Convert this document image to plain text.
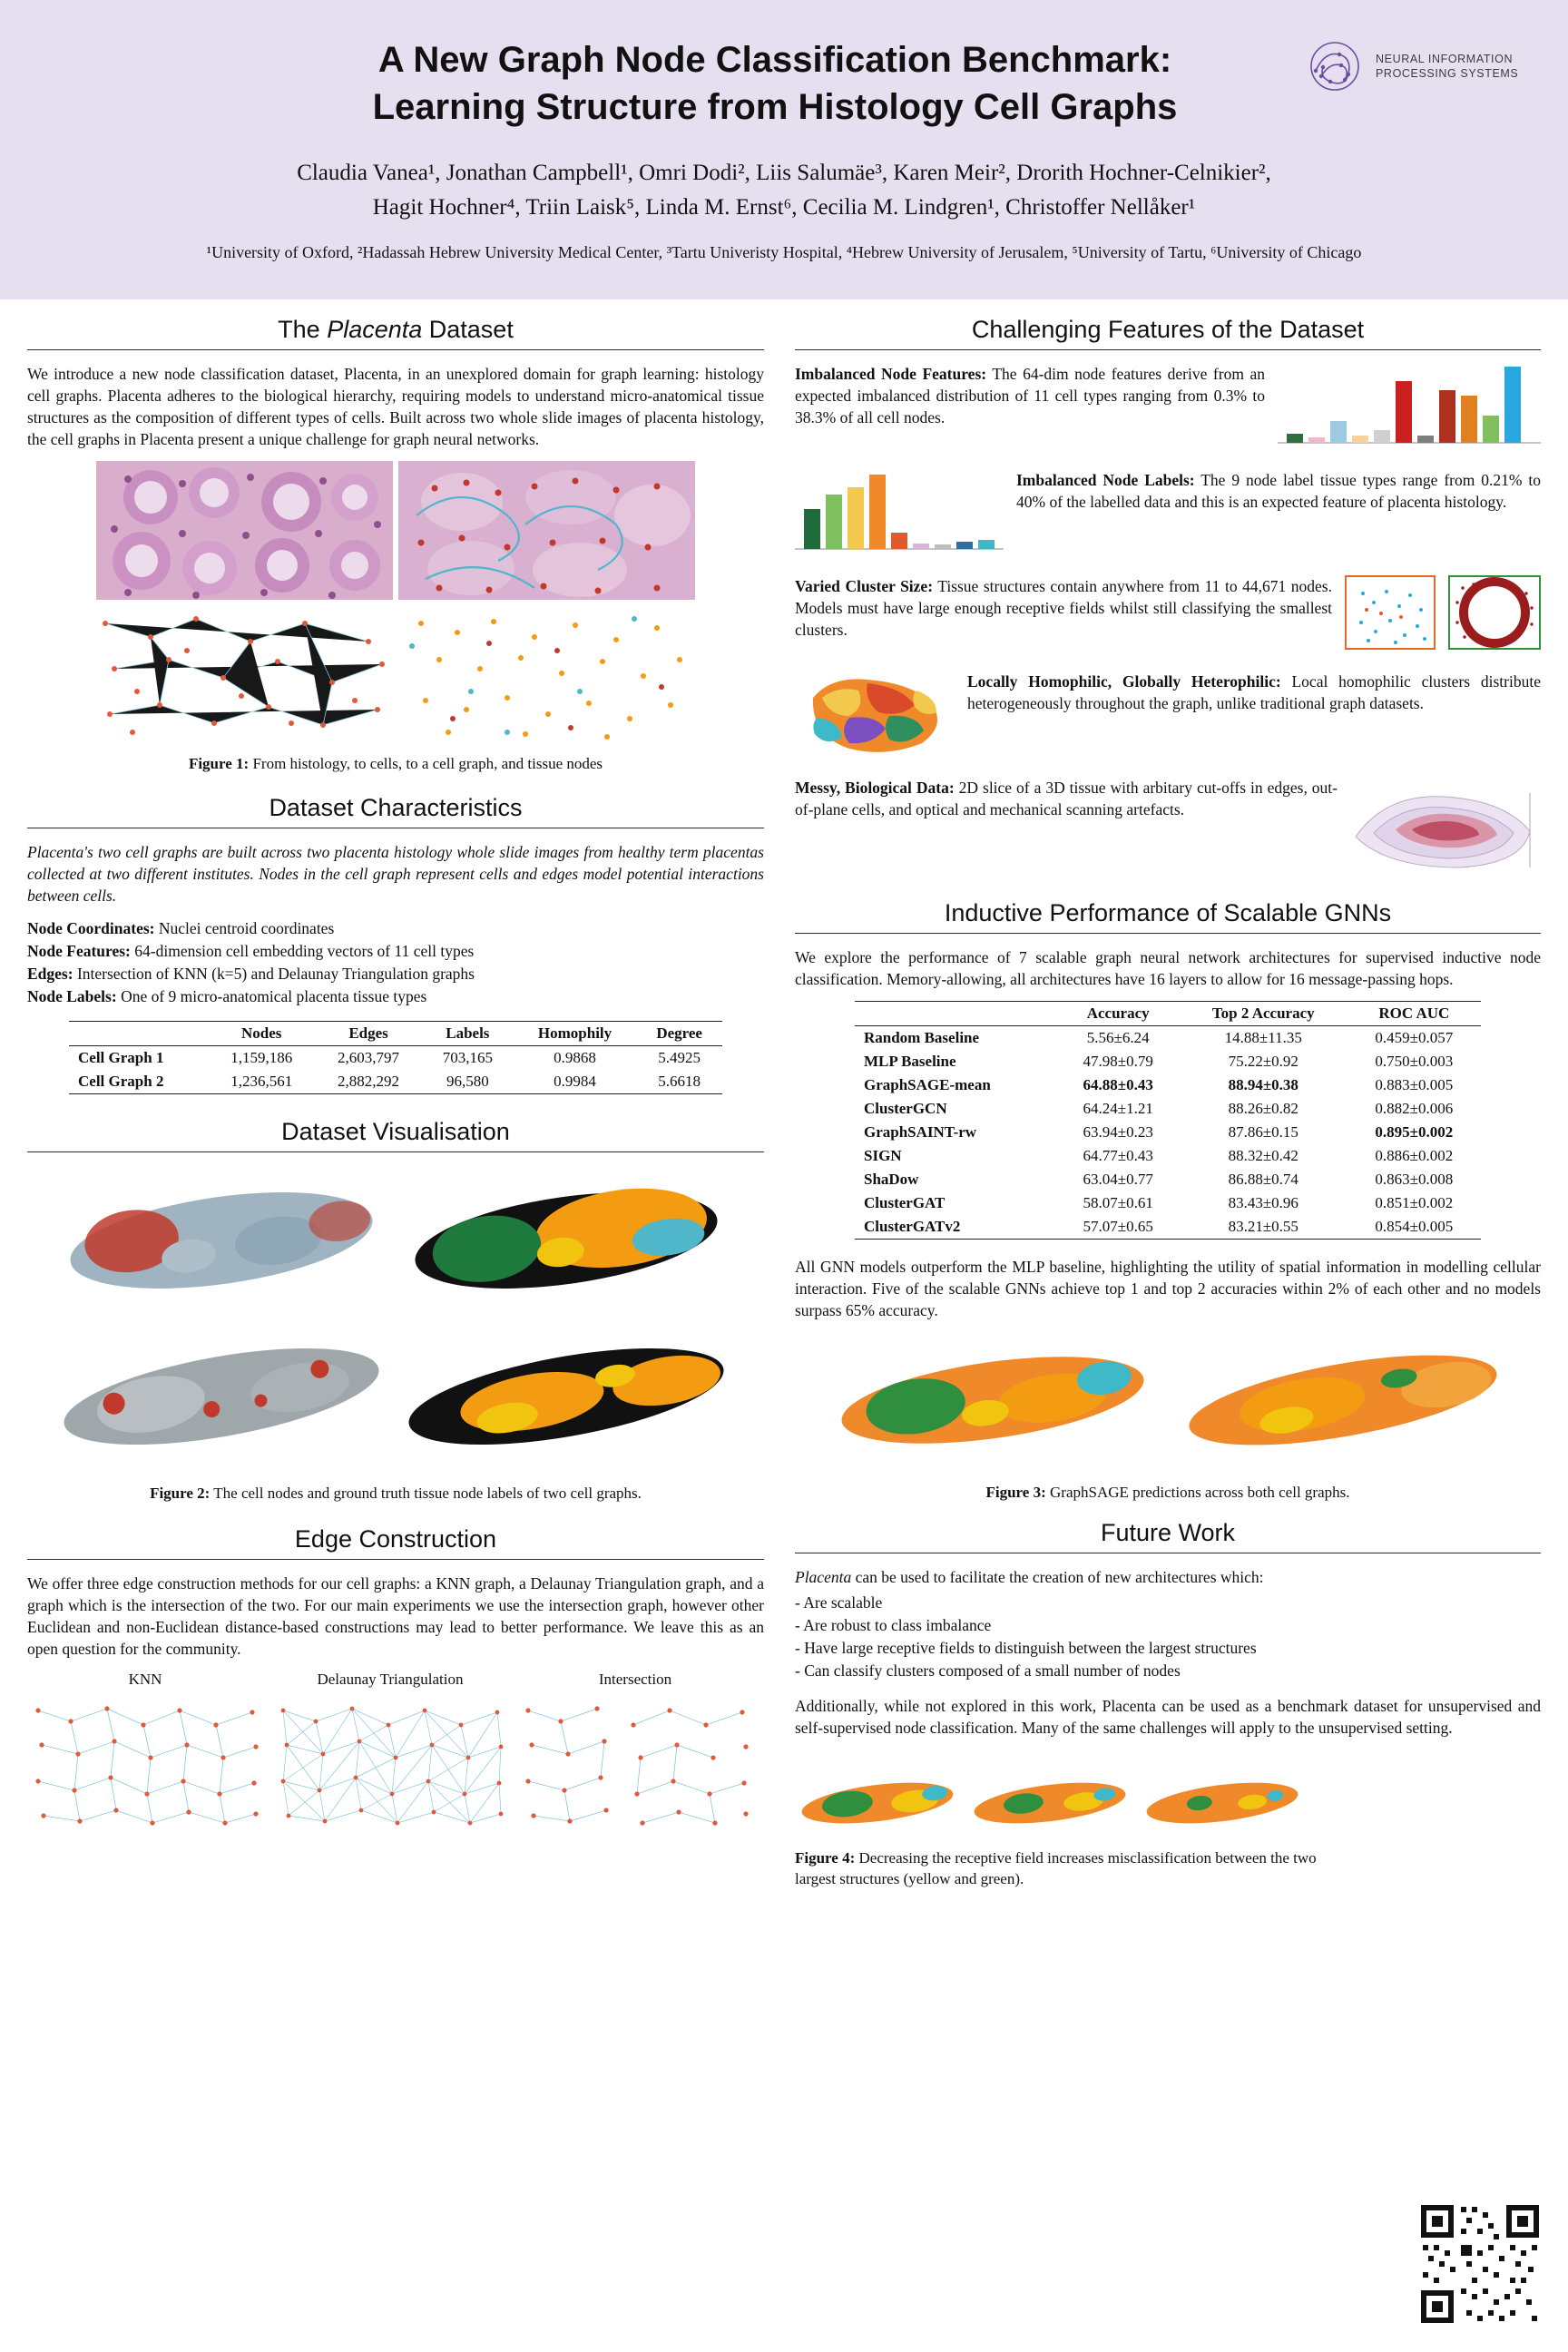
A New Graph Node Classification Benchmark:
Learning Structure from Histology Cell Graphs
Claudia Vanea¹, Jonathan Campbell¹, Omri Dodi², Liis Salumäe³, Karen Meir², Drorith Hochner-Celnikier²,
Hagit Hochner⁴, Triin Laisk⁵, Linda M. Ernst⁶, Cecilia M. Lindgren¹, Christoffer Nellåker¹
¹University of Oxford, ²Hadassah Hebrew University Medical Center, ³Tartu Univeristy Hospital, ⁴Hebrew University of Jerusalem, ⁵University of Tartu, ⁶University of Chicago
NEURAL INFORMATION
PROCESSING SYSTEMS
The Placenta Dataset

We introduce a new node classification dataset, Placenta, in an unexplored domain for graph learning: histology cell graphs. Placenta adheres to the biological hierarchy, requiring models to understand micro-anatomical tissue structures as the composition of different types of cells. Built across two whole slide images of placenta histology, the cell graphs in Placenta present a unique challenge for graph neural networks.

Figure 1: From histology, to cells, to a cell graph, and tissue nodes
Dataset Characteristics

Placenta's two cell graphs are built across two placenta histology whole slide images from healthy term placentas collected at two different institutes. Nodes in the cell graph represent cells and edges model potential interactions between cells.

Node Coordinates: Nuclei centroid coordinates
Node Features: 64-dimension cell embedding vectors of 11 cell types
Edges: Intersection of KNN (k=5) and Delaunay Triangulation graphs
Node Labels: One of 9 micro-anatomical placenta tissue types
	Nodes	Edges	Labels	Homophily	Degree
Cell Graph 1	1,159,186	2,603,797	703,165	0.9868	5.4925
Cell Graph 2	1,236,561	2,882,292	96,580	0.9984	5.6618
Dataset Visualisation
Figure 2: The cell nodes and ground truth tissue node labels of two cell graphs.
Edge Construction

We offer three edge construction methods for our cell graphs: a KNN graph, a Delaunay Triangulation graph, and a graph which is the intersection of the two. For our main experiments we use the intersection graph, however other Euclidean and non-Euclidean distance-based constructions may lead to better performance. We leave this as an open question for the community.

KNN	Delaunay Triangulation	Intersection
Challenging Features of the Dataset

Imbalanced Node Features: The 64-dim node features derive from an expected imbalanced distribution of 11 cell types ranging from 0.3% to 38.3% of all cell nodes.

Imbalanced Node Labels: The 9 node label tissue types range from 0.21% to 40% of the labelled data and this is an expected feature of placenta histology.

Varied Cluster Size: Tissue structures contain anywhere from 11 to 44,671 nodes. Models must have large enough receptive fields whilst still classifying the smallest clusters.

Locally Homophilic, Globally Heterophilic: Local homophilic clusters distribute heterogeneously throughout the graph, unlike traditional graph datasets.

Messy, Biological Data: 2D slice of a 3D tissue with arbitary cut-offs in edges, out-of-plane cells, and optical and mechanical scanning artefacts.

Inductive Performance of Scalable GNNs

We explore the performance of 7 scalable graph neural network architectures for supervised inductive node classification. Memory-allowing, all architectures have 16 layers to allow for 16 message-passing hops.

	Accuracy	Top 2 Accuracy	ROC AUC
Random Baseline	5.56±6.24	14.88±11.35	0.459±0.057
MLP Baseline	47.98±0.79	75.22±0.92	0.750±0.003
GraphSAGE-mean	64.88±0.43	88.94±0.38	0.883±0.005
ClusterGCN	64.24±1.21	88.26±0.82	0.882±0.006
GraphSAINT-rw	63.94±0.23	87.86±0.15	0.895±0.002
SIGN	64.77±0.43	88.32±0.42	0.886±0.002
ShaDow	63.04±0.77	86.88±0.74	0.863±0.008
ClusterGAT	58.07±0.61	83.43±0.96	0.851±0.002
ClusterGATv2	57.07±0.65	83.21±0.55	0.854±0.005

All GNN models outperform the MLP baseline, highlighting the utility of spatial information in modelling cellular interaction. Five of the scalable GNNs achieve top 1 and top 2 accuracies within 2% of each other and no models surpass 65% accuracy.

Figure 3: GraphSAGE predictions across both cell graphs.
Future Work

Placenta can be used to facilitate the creation of new architectures which:

- Are scalable
- Are robust to class imbalance
- Have large receptive fields to distinguish between the largest structures
- Can classify clusters composed of a small number of nodes

Additionally, while not explored in this work, Placenta can be used as a benchmark dataset for unsupervised and self-supervised node classification. Many of the same challenges will apply to the unsupervised setting.

Figure 4: Decreasing the receptive field increases misclassification between the two largest structures (yellow and green).
